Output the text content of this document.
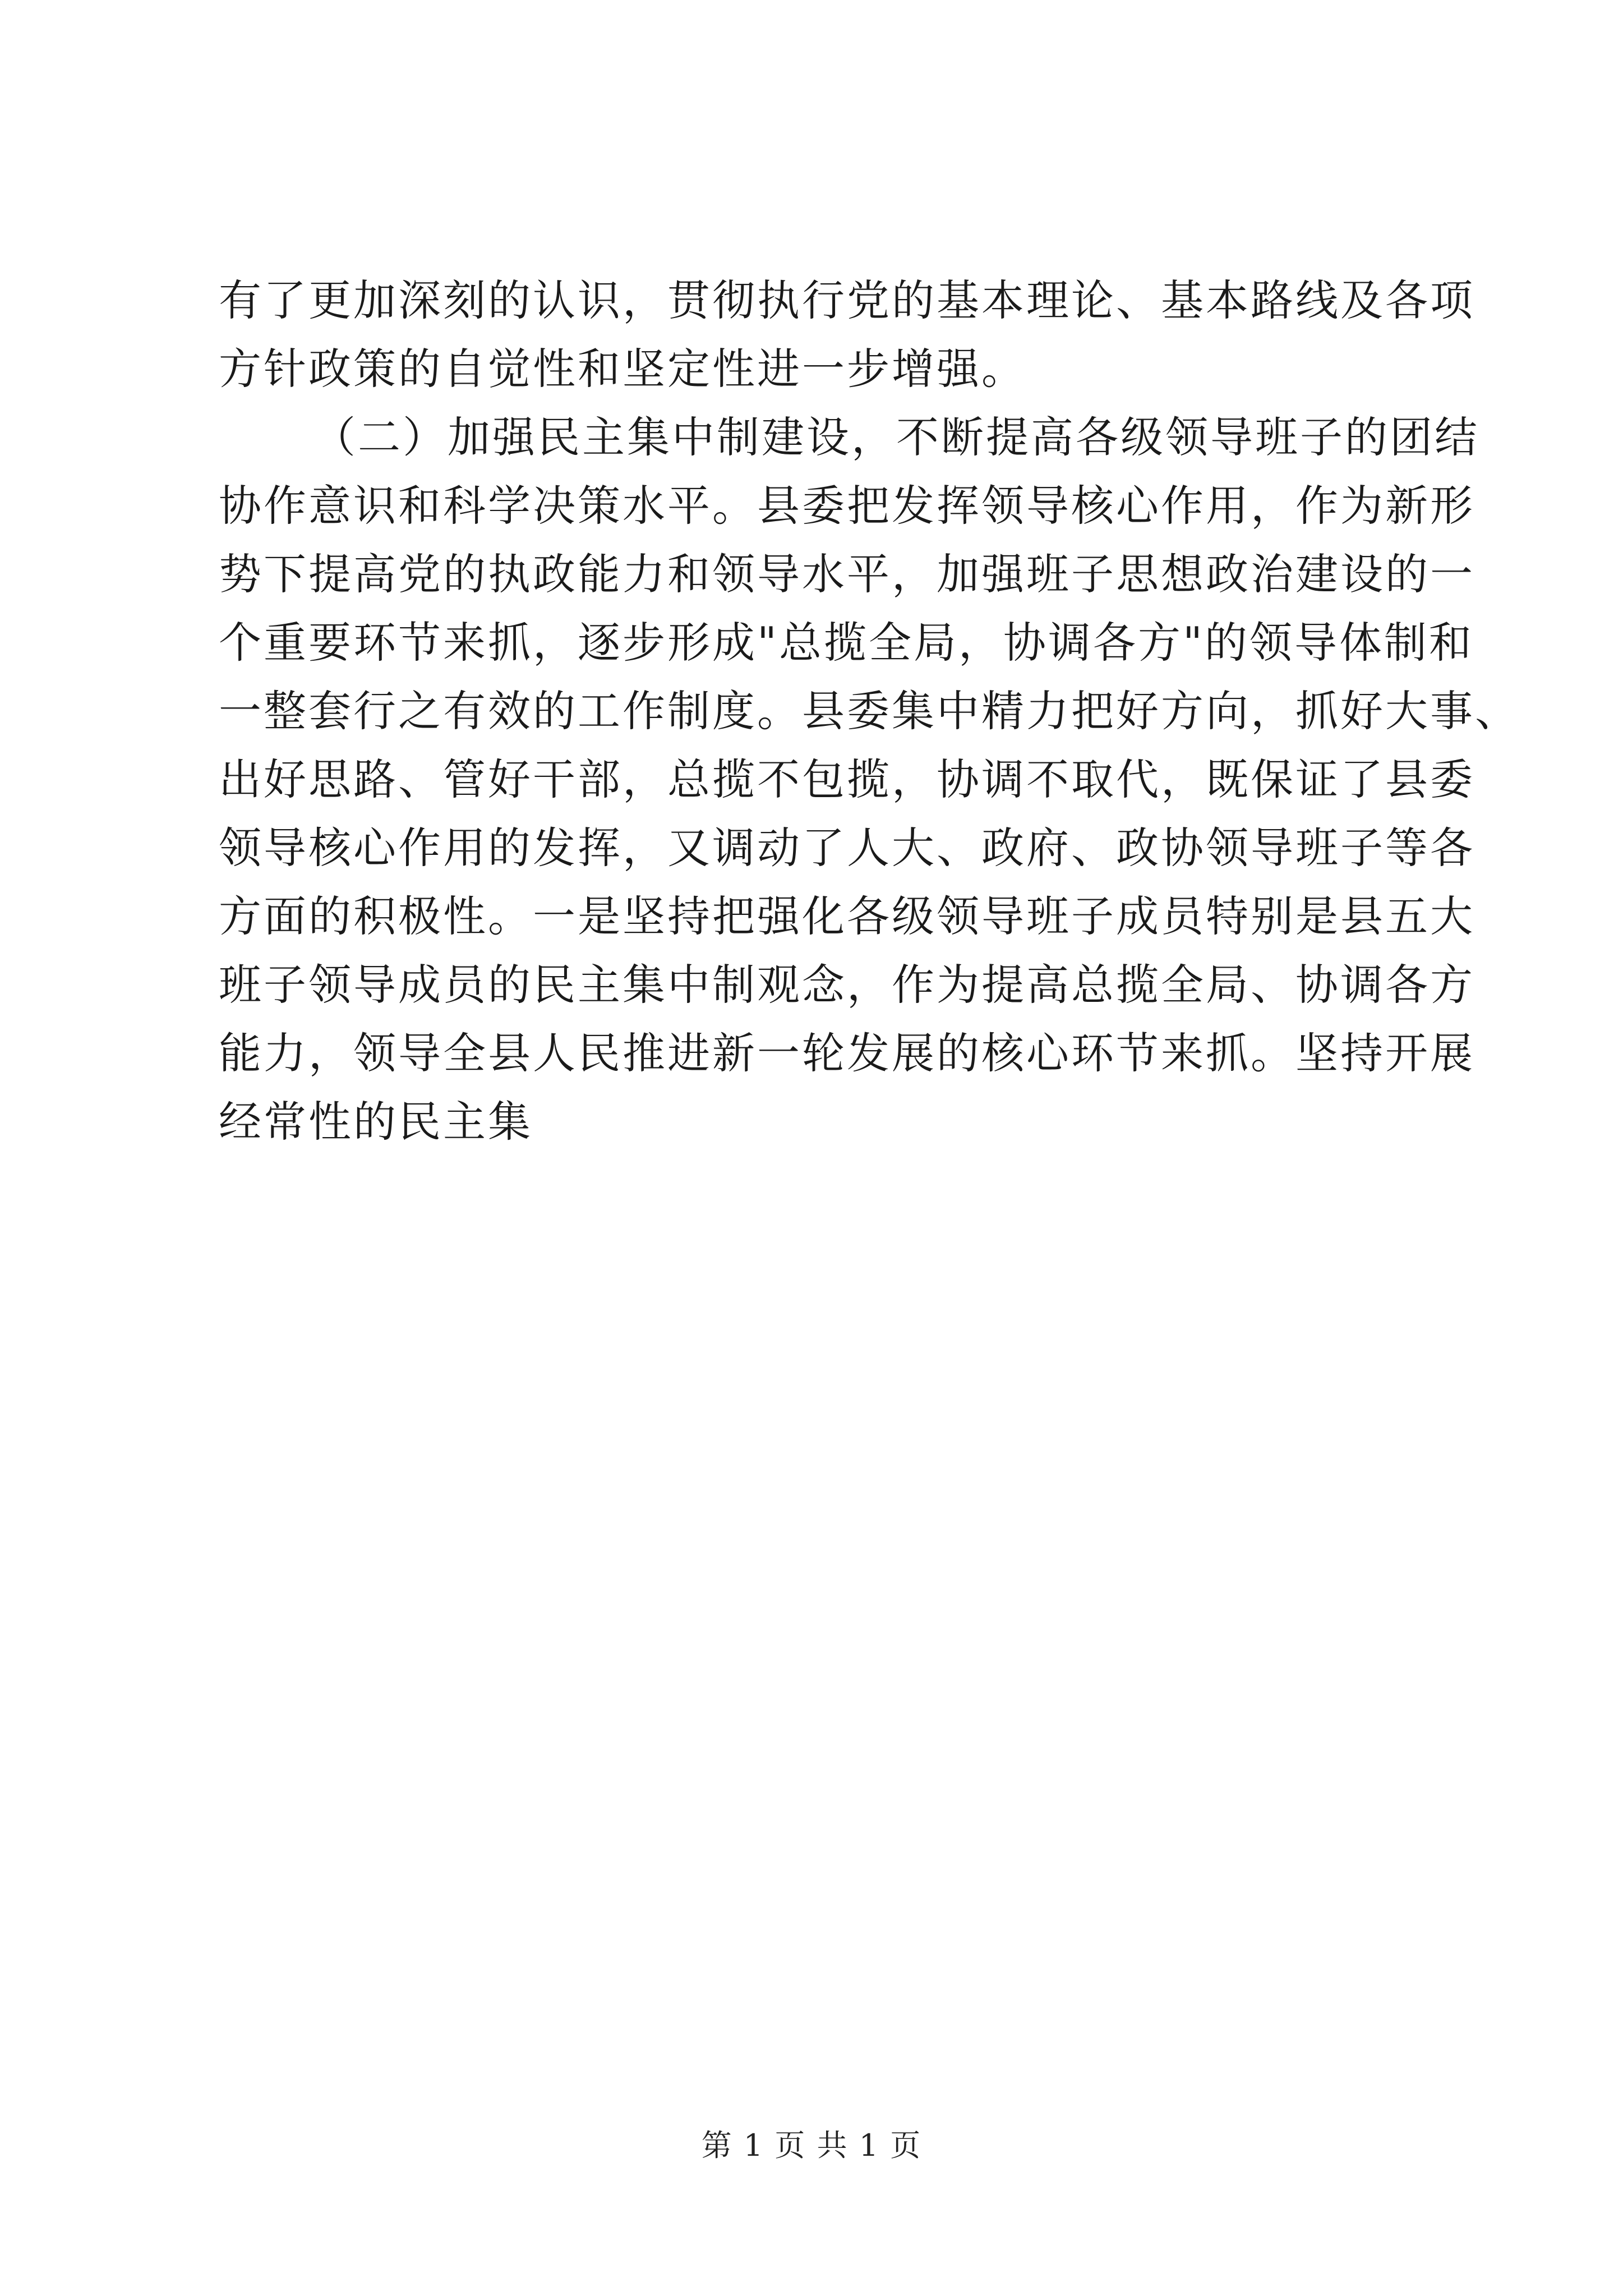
有了更加深刻的认识，贯彻执行党的基本理论、基本路线及各项
方针政策的自觉性和坚定性进一步增强。
（二）加强民主集中制建设，不断提高各级领导班子的团结
协作意识和科学决策水平。县委把发挥领导核心作用，作为新形
势下提高党的执政能力和领导水平，加强班子思想政治建设的一
个重要环节来抓，逐步形成"总揽全局，协调各方"的领导体制和
一整套行之有效的工作制度。县委集中精力把好方向，抓好大事、
出好思路、管好干部，总揽不包揽，协调不取代，既保证了县委
领导核心作用的发挥，又调动了人大、政府、政协领导班子等各
方面的积极性。一是坚持把强化各级领导班子成员特别是县五大
班子领导成员的民主集中制观念，作为提高总揽全局、协调各方
能力，领导全县人民推进新一轮发展的核心环节来抓。坚持开展
经常性的民主集
第 1 页 共 1 页
